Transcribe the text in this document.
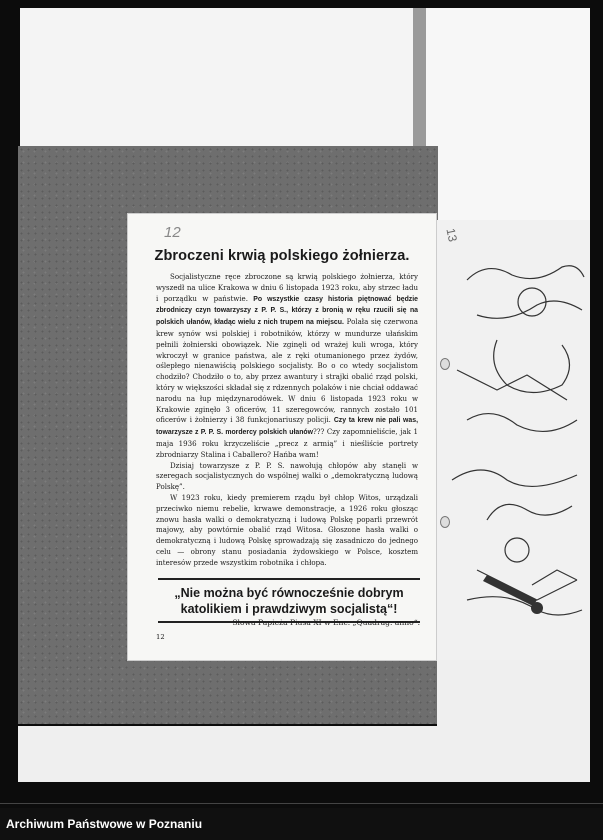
13
12
Zbroczeni krwią polskiego żołnierza.

Socjalistyczne ręce zbroczone są krwią polskiego żołnierza, który wyszedł na ulice Krakowa w dniu 6 listopada 1923 roku, aby strzec ładu i porządku w państwie. Po wszystkie czasy historia piętnować będzie zbrodniczy czyn towarzyszy z P. P. S., którzy z bronią w ręku rzucili się na polskich ułanów, kładąc wielu z nich trupem na miejscu. Polała się czerwona krew synów wsi polskiej i robotników, którzy w mundurze ułańskim pełnili żołnierski obowiązek. Nie zginęli od wrażej kuli wroga, który wkroczył w granice państwa, ale z ręki otumanionego przez żydów, oślepłego nienawiścią polskiego socjalisty. Bo o co wtedy socjalistom chodziło? Chodziło o to, aby przez awantury i strajki obalić rząd polski, który w większości składał się z rdzennych polaków i nie chciał oddawać narodu na łup międzynarodówek. W dniu 6 listopada 1923 roku w Krakowie zginęło 3 oficerów, 11 szeregowców, rannych zostało 101 oficerów i żołnierzy i 38 funkcjonariuszy policji. Czy ta krew nie pali was, towarzysze z P. P. S. mordercy polskich ułanów??? Czy zapomnieliście, jak 1 maja 1936 roku krzyczeliście „precz z armią” i nieśliście portrety zbrodniarzy Stalina i Caballero? Hańba wam!

Dzisiaj towarzysze z P. P. S. nawołują chłopów aby stanęli w szeregach socjalistycznych do wspólnej walki o „demokratyczną ludową Polskę”.

W 1923 roku, kiedy premierem rządu był chłop Witos, urządzali przeciwko niemu rebelie, krwawe demonstracje, a 1926 roku głosząc znowu hasła walki o demokratyczną i ludową Polskę poparli przewrót majowy, aby powtórnie obalić rząd Witosa. Głoszone hasła walki o demokratyczną i ludową Polskę sprowadzają się zasadniczo do jednego celu — obrony stanu posiadania żydowskiego w Polsce, kosztem interesów przede wszystkim robotnika i chłopa.

„Nie można być równocześnie dobrym katolikiem i prawdziwym socjalistą“!
Słowa Papieża Piusa XI w Enc. „Quadrag. anno“.
12
Archiwum Państwowe w Poznaniu
